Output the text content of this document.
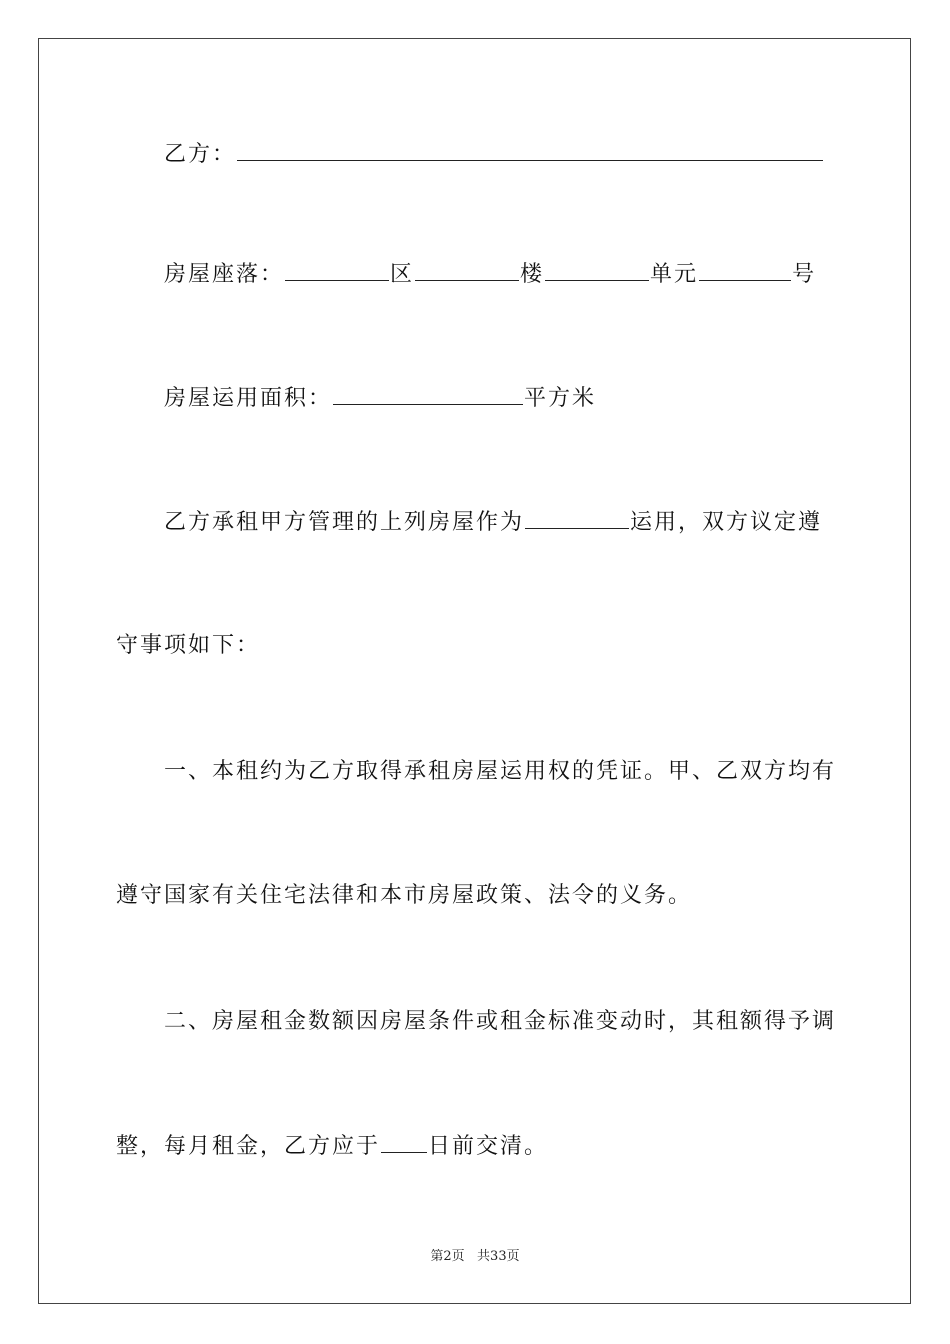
乙方：
房屋座落：	区	楼	单元	号
房屋运用面积：	平方米
乙方承租甲方管理的上列房屋作为	运用，双方议定遵
守事项如下：
一、本租约为乙方取得承租房屋运用权的凭证。甲、乙双方均有
遵守国家有关住宅法律和本市房屋政策、法令的义务。
二、房屋租金数额因房屋条件或租金标准变动时，其租额得予调
整，每月租金，乙方应于 日前交清。
第2页   共33页
